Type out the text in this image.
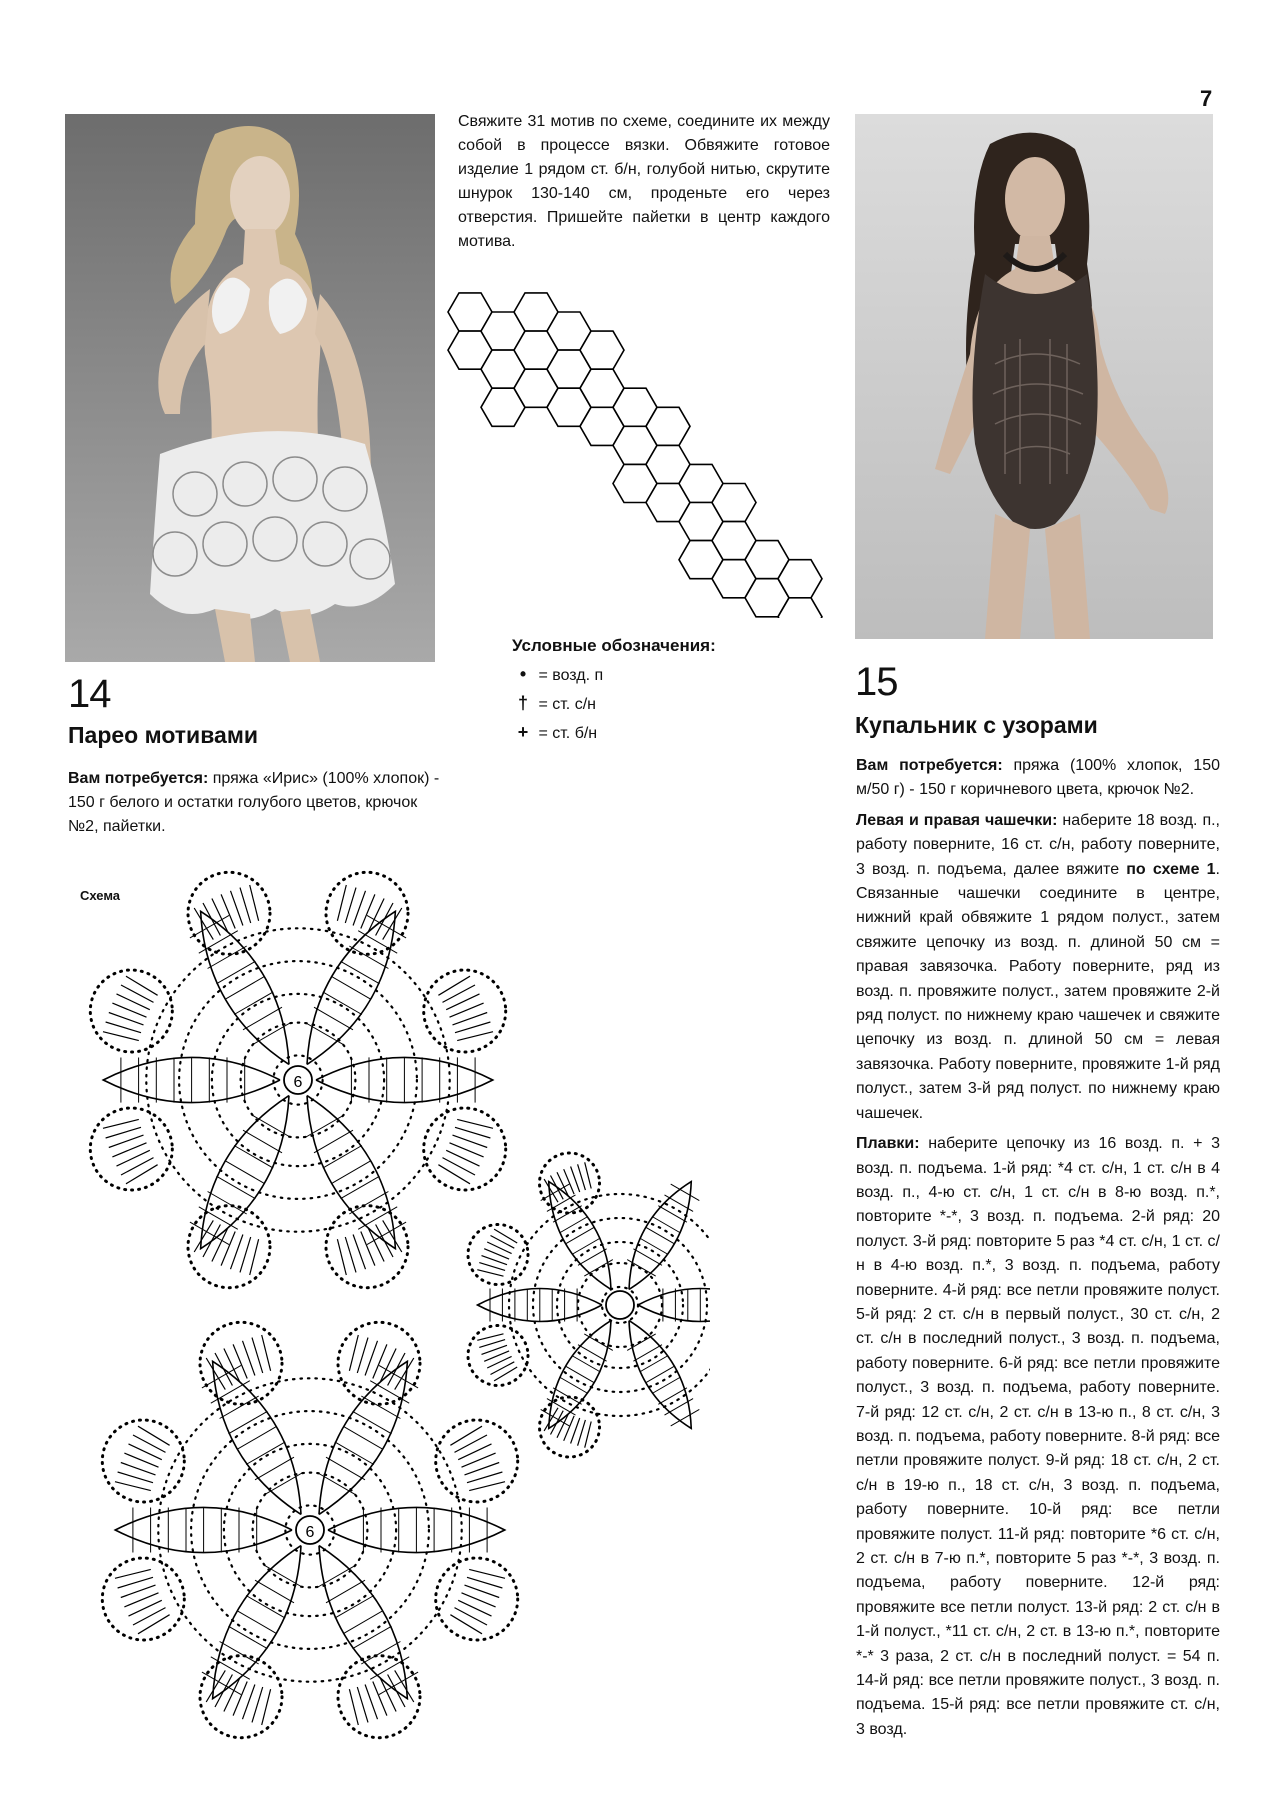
7
Свяжите 31 мотив по схеме, соедините их между собой в процессе вязки. Обвяжите готовое изделие 1 рядом ст. б/н, голубой нитью, скрутите шнурок 130-140 см, проденьте его через отверстия. Пришейте пайетки в центр каждого мотива.
Условные обозначения:
• = возд. п
† = ст. с/н
+ = ст. б/н
14
Парео мотивами
Вам потребуется: пряжа «Ирис» (100% хлопок) - 150 г белого и остатки голубого цветов, крючок №2, пайетки.
Схема
6
6
15
Купальник с узорами

Вам потребуется: пряжа (100% хлопок, 150 м/50 г) - 150 г коричневого цвета, крючок №2.

Левая и правая чашечки: наберите 18 возд. п., работу поверните, 16 ст. с/н, работу поверните, 3 возд. п. подъема, далее вяжите по схеме 1. Связанные чашечки соедините в центре, нижний край обвяжите 1 рядом полуст., затем свяжите цепочку из возд. п. длиной 50 см = правая завязочка. Работу поверните, ряд из возд. п. провяжите полуст., затем провяжите 2-й ряд полуст. по нижнему краю чашечек и свяжите цепочку из возд. п. длиной 50 см = левая завязочка. Работу поверните, провяжите 1-й ряд полуст., затем 3-й ряд полуст. по нижнему краю чашечек.

Плавки: наберите цепочку из 16 возд. п. + 3 возд. п. подъема. 1-й ряд: *4 ст. с/н, 1 ст. с/н в 4 возд. п., 4-ю ст. с/н, 1 ст. с/н в 8-ю возд. п.*, повторите *-*, 3 возд. п. подъема. 2-й ряд: 20 полуст. 3-й ряд: повторите 5 раз *4 ст. с/н, 1 ст. с/н в 4-ю возд. п.*, 3 возд. п. подъема, работу поверните. 4-й ряд: все петли провяжите полуст. 5-й ряд: 2 ст. с/н в первый полуст., 30 ст. с/н, 2 ст. с/н в последний полуст., 3 возд. п. подъема, работу поверните. 6-й ряд: все петли провяжите полуст., 3 возд. п. подъема, работу поверните. 7-й ряд: 12 ст. с/н, 2 ст. с/н в 13-ю п., 8 ст. с/н, 3 возд. п. подъема, работу поверните. 8-й ряд: все петли провяжите полуст. 9-й ряд: 18 ст. с/н, 2 ст. с/н в 19-ю п., 18 ст. с/н, 3 возд. п. подъема, работу поверните. 10-й ряд: все петли провяжите полуст. 11-й ряд: повторите *6 ст. с/н, 2 ст. с/н в 7-ю п.*, повторите 5 раз *-*, 3 возд. п. подъема, работу поверните. 12-й ряд: провяжите все петли полуст. 13-й ряд: 2 ст. с/н в 1-й полуст., *11 ст. с/н, 2 ст. в 13-ю п.*, повторите *-* 3 раза, 2 ст. с/н в последний полуст. = 54 п. 14-й ряд: все петли провяжите полуст., 3 возд. п. подъема. 15-й ряд: все петли провяжите ст. с/н, 3 возд.
